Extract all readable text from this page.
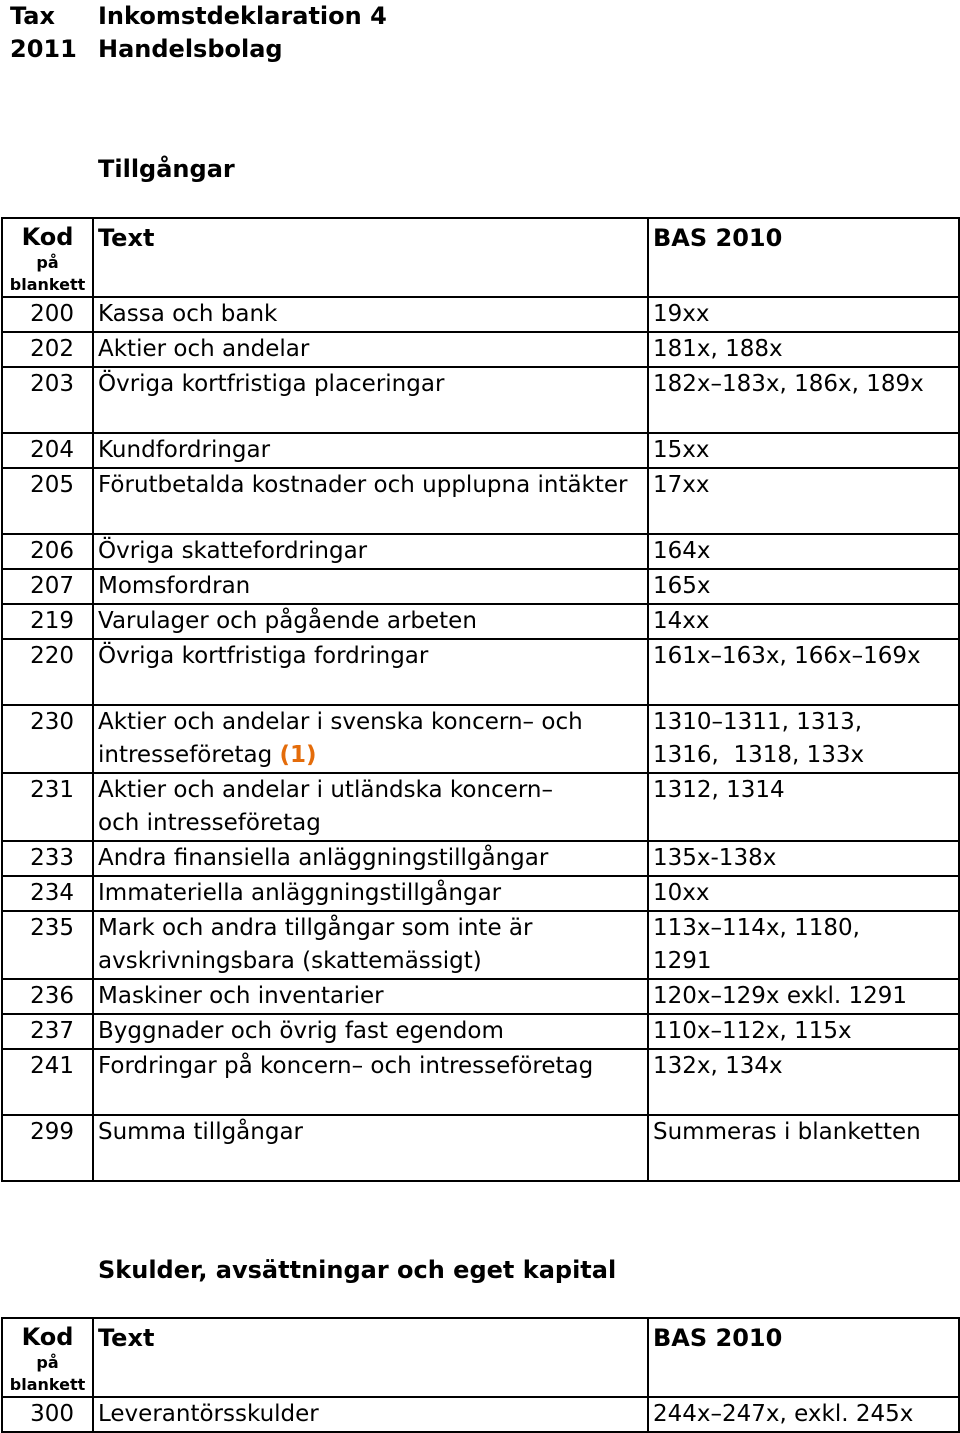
Tax
2011
Inkomstdeklaration 4
Handelsbolag
Tillgångar
Kod
på
blankett	Text	BAS 2010
200	Kassa och bank	19xx
202	Aktier och andelar	181x, 188x
203	Övriga kortfristiga placeringar	182x–183x, 186x, 189x
204	Kundfordringar	15xx
205	Förutbetalda kostnader och upplupna intäkter	17xx
206	Övriga skattefordringar	164x
207	Momsfordran	165x
219	Varulager och pågående arbeten	14xx
220	Övriga kortfristiga fordringar	161x–163x, 166x–169x
230	Aktier och andelar i svenska koncern– och intresseföretag (1)	1310–1311, 1313,
1316,  1318, 133x

231	Aktier och andelar i utländska koncern–
och intresseföretag	1312, 1314
233	Andra finansiella anläggningstillgångar	135x-138x
234	Immateriella anläggningstillgångar	10xx
235	Mark och andra tillgångar som inte är
avskrivningsbara (skattemässigt)	113x–114x, 1180,
1291

236	Maskiner och inventarier	120x–129x exkl. 1291
237	Byggnader och övrig fast egendom	110x–112x, 115x
241	Fordringar på koncern– och intresseföretag	132x, 134x
299	Summa tillgångar	Summeras i blanketten
Skulder, avsättningar och eget kapital
Kod
på
blankett	Text	BAS 2010
300	Leverantörsskulder	244x–247x, exkl. 245x
